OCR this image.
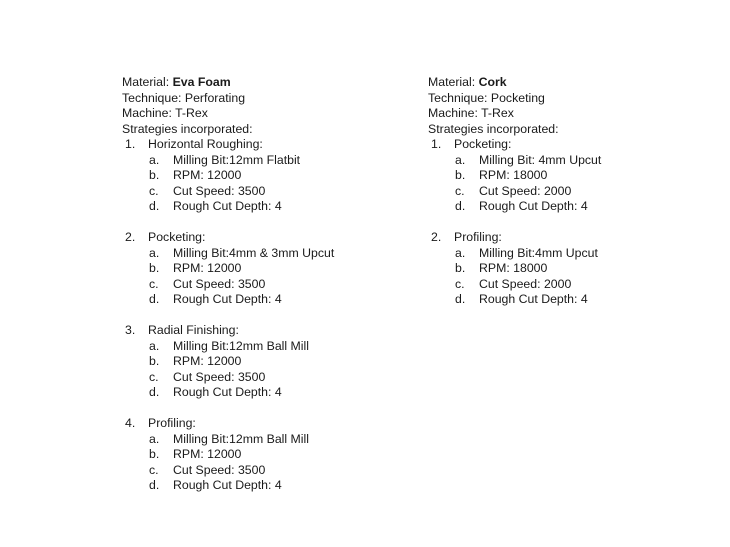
Material: Eva Foam
Technique: Perforating
Machine: T-Rex
Strategies incorporated:
1. Horizontal Roughing:
a. Milling Bit:12mm Flatbit
b. RPM: 12000
c. Cut Speed: 3500
d. Rough Cut Depth: 4
2. Pocketing:
a. Milling Bit:4mm & 3mm Upcut
b. RPM: 12000
c. Cut Speed: 3500
d. Rough Cut Depth: 4
3. Radial Finishing:
a. Milling Bit:12mm Ball Mill
b. RPM: 12000
c. Cut Speed: 3500
d. Rough Cut Depth: 4
4. Profiling:
a. Milling Bit:12mm Ball Mill
b. RPM: 12000
c. Cut Speed: 3500
d. Rough Cut Depth: 4
Material: Cork
Technique: Pocketing
Machine: T-Rex
Strategies incorporated:
1. Pocketing:
a. Milling Bit: 4mm Upcut
b. RPM: 18000
c. Cut Speed: 2000
d. Rough Cut Depth: 4
2. Profiling:
a. Milling Bit:4mm Upcut
b. RPM: 18000
c. Cut Speed: 2000
d. Rough Cut Depth: 4
